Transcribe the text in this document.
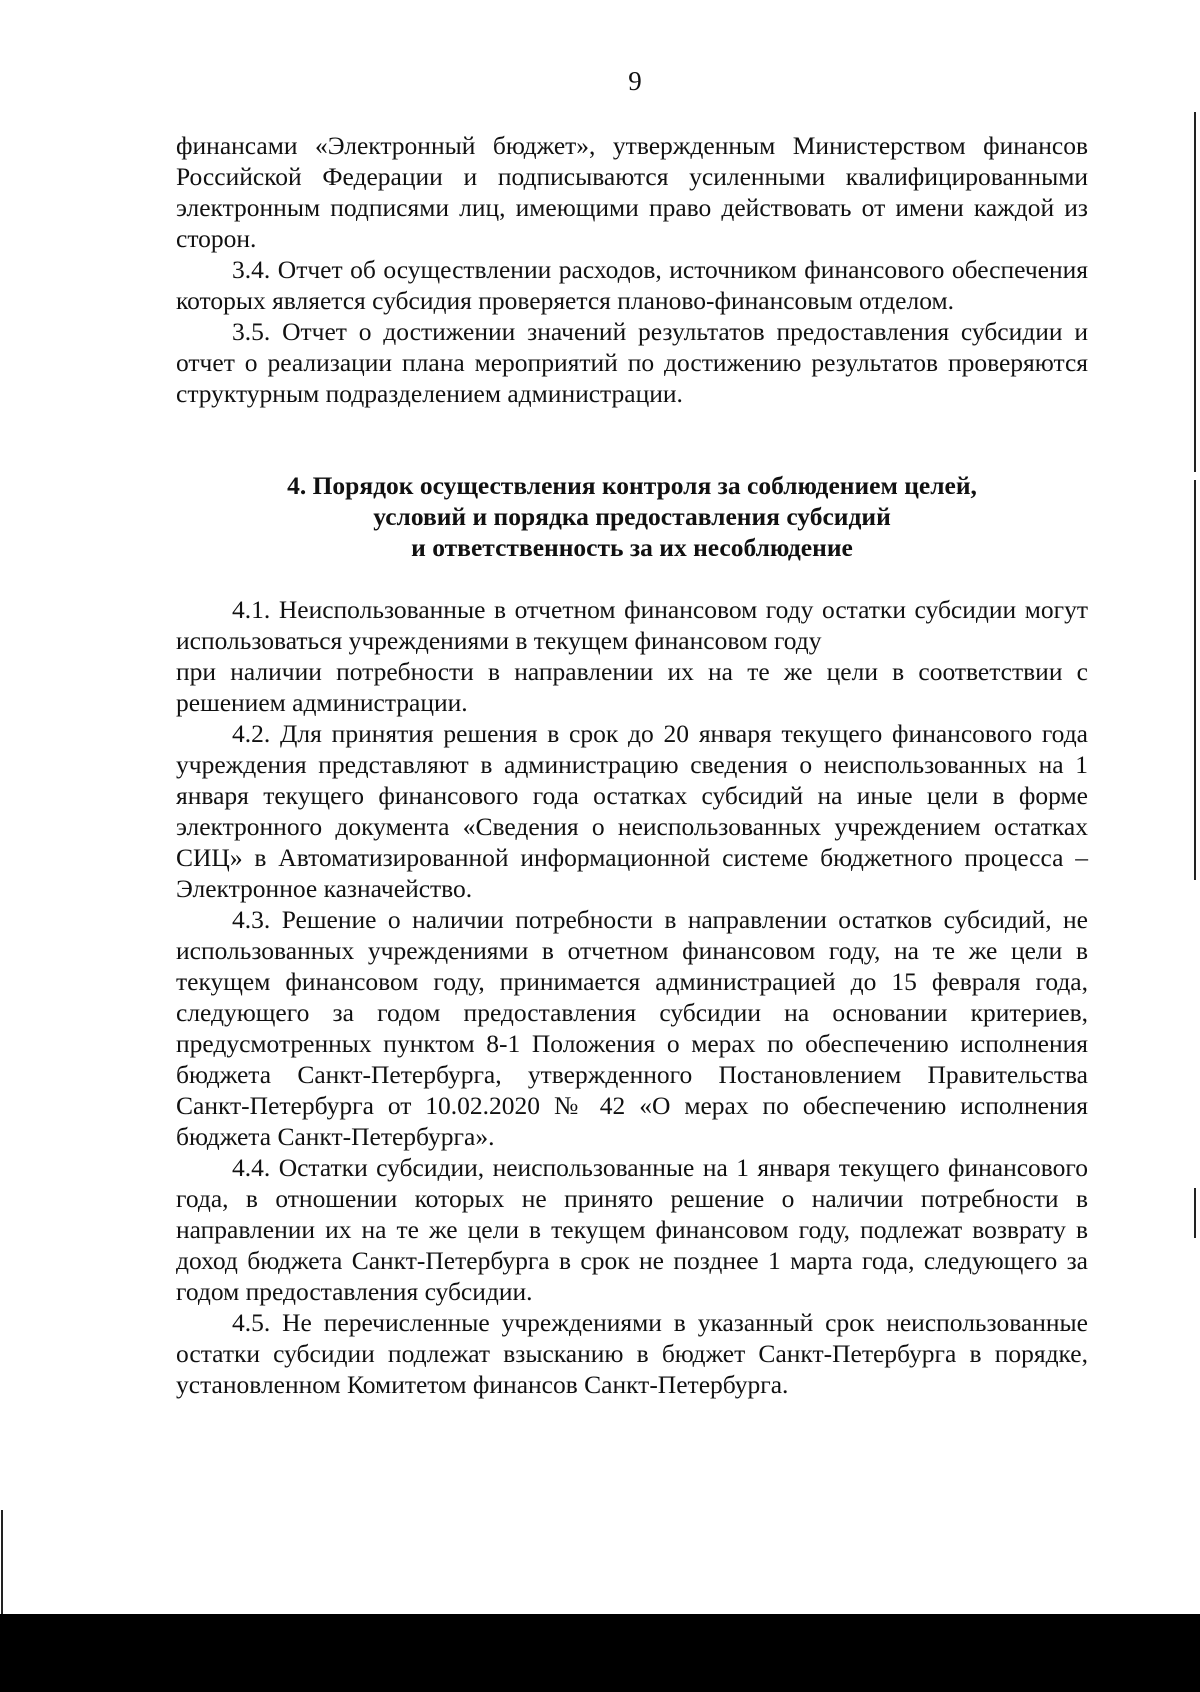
9

финансами «Электронный бюджет», утвержденным Министерством финансов Российской Федерации и подписываются усиленными квалифицированными электронным подписями лиц, имеющими право действовать от имени каждой из сторон.

3.4. Отчет об осуществлении расходов, источником финансового обеспечения которых является субсидия проверяется планово-финансовым отделом.

3.5. Отчет о достижении значений результатов предоставления субсидии и отчет о реализации плана мероприятий по достижению результатов проверяются структурным подразделением администрации.

4. Порядок осуществления контроля за соблюдением целей,
условий и порядка предоставления субсидий
и ответственность за их несоблюдение

4.1. Неиспользованные в отчетном финансовом году остатки субсидии могут использоваться учреждениями в текущем финансовом году

при наличии потребности в направлении их на те же цели в соответствии с решением администрации.

4.2. Для принятия решения в срок до 20 января текущего финансового года учреждения представляют в администрацию сведения о неиспользованных на 1 января текущего финансового года остатках субсидий на иные цели в форме электронного документа «Сведения о неиспользованных учреждением остатках СИЦ» в Автоматизированной информационной системе бюджетного процесса – Электронное казначейство.

4.3. Решение о наличии потребности в направлении остатков субсидий, не использованных учреждениями в отчетном финансовом году, на те же цели в текущем финансовом году, принимается администрацией до 15 февраля года, следующего за годом предоставления субсидии на основании критериев, предусмотренных пунктом 8-1 Положения о мерах по обеспечению исполнения бюджета Санкт-Петербурга, утвержденного Постановлением Правительства Санкт-Петербурга от 10.02.2020 № 42 «О мерах по обеспечению исполнения бюджета Санкт-Петербурга».

4.4. Остатки субсидии, неиспользованные на 1 января текущего финансового года, в отношении которых не принято решение о наличии потребности в направлении их на те же цели в текущем финансовом году, подлежат возврату в доход бюджета Санкт-Петербурга в срок не позднее 1 марта года, следующего за годом предоставления субсидии.

4.5. Не перечисленные учреждениями в указанный срок неиспользованные остатки субсидии подлежат взысканию в бюджет Санкт-Петербурга в порядке, установленном Комитетом финансов Санкт-Петербурга.
